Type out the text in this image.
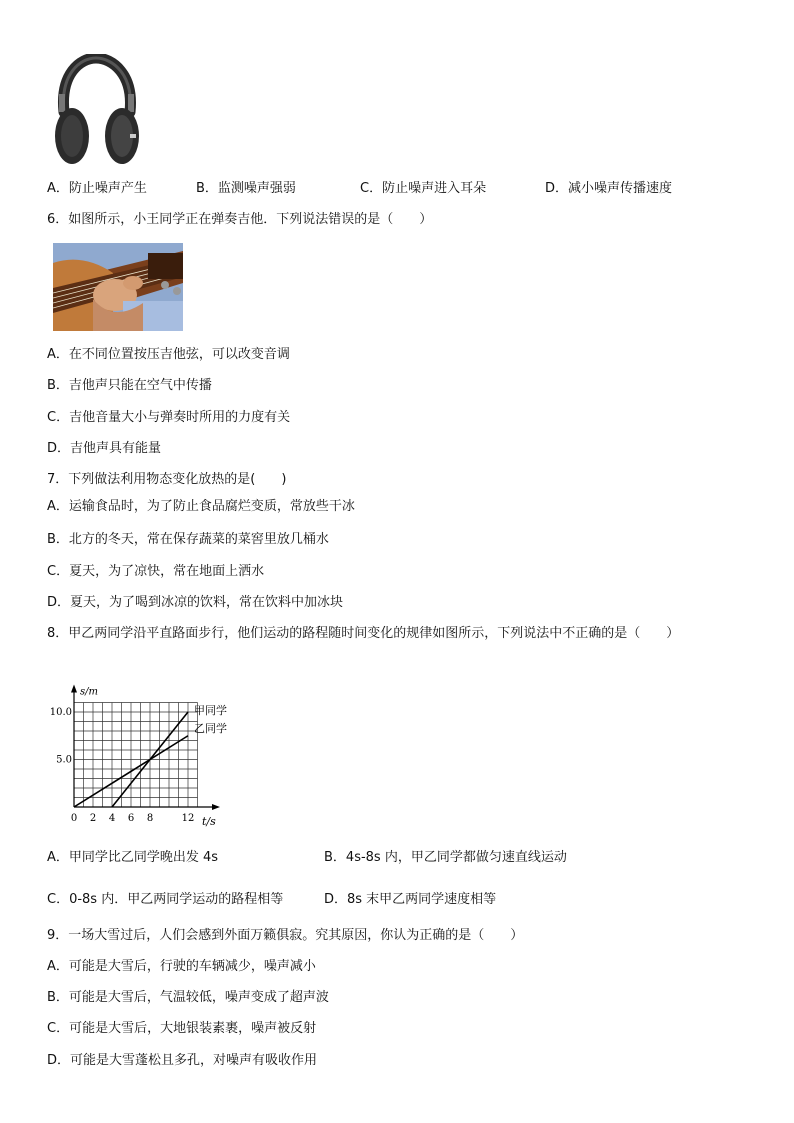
A．防止噪声产生	B．监测噪声强弱	C．防止噪声进入耳朵	D．减小噪声传播速度
6．如图所示，小王同学正在弹奏吉他．下列说法错误的是（　　）
A．在不同位置按压吉他弦，可以改变音调
B．吉他声只能在空气中传播
C．吉他音量大小与弹奏时所用的力度有关
D．吉他声具有能量
7．下列做法利用物态变化放热的是(　　)
A．运输食品时，为了防止食品腐烂变质，常放些干冰
B．北方的冬天，常在保存蔬菜的菜窖里放几桶水
C．夏天，为了凉快，常在地面上洒水
D．夏天，为了喝到冰凉的饮料，常在饮料中加冰块
8．甲乙两同学沿平直路面步行，他们运动的路程随时间变化的规律如图所示，下列说法中不正确的是（　　）
s/m
t/s
0 2 4 6 8	12
5.0
10.0	甲同学
乙同学
A．甲同学比乙同学晚出发 4s	B．4s-8s 内，甲乙同学都做匀速直线运动
C．0-8s 内．甲乙两同学运动的路程相等	D．8s 末甲乙两同学速度相等
9．一场大雪过后，人们会感到外面万籁俱寂。究其原因，你认为正确的是（　　）
A．可能是大雪后，行驶的车辆减少，噪声减小
B．可能是大雪后，气温较低，噪声变成了超声波
C．可能是大雪后，大地银装素裹，噪声被反射
D．可能是大雪蓬松且多孔，对噪声有吸收作用
